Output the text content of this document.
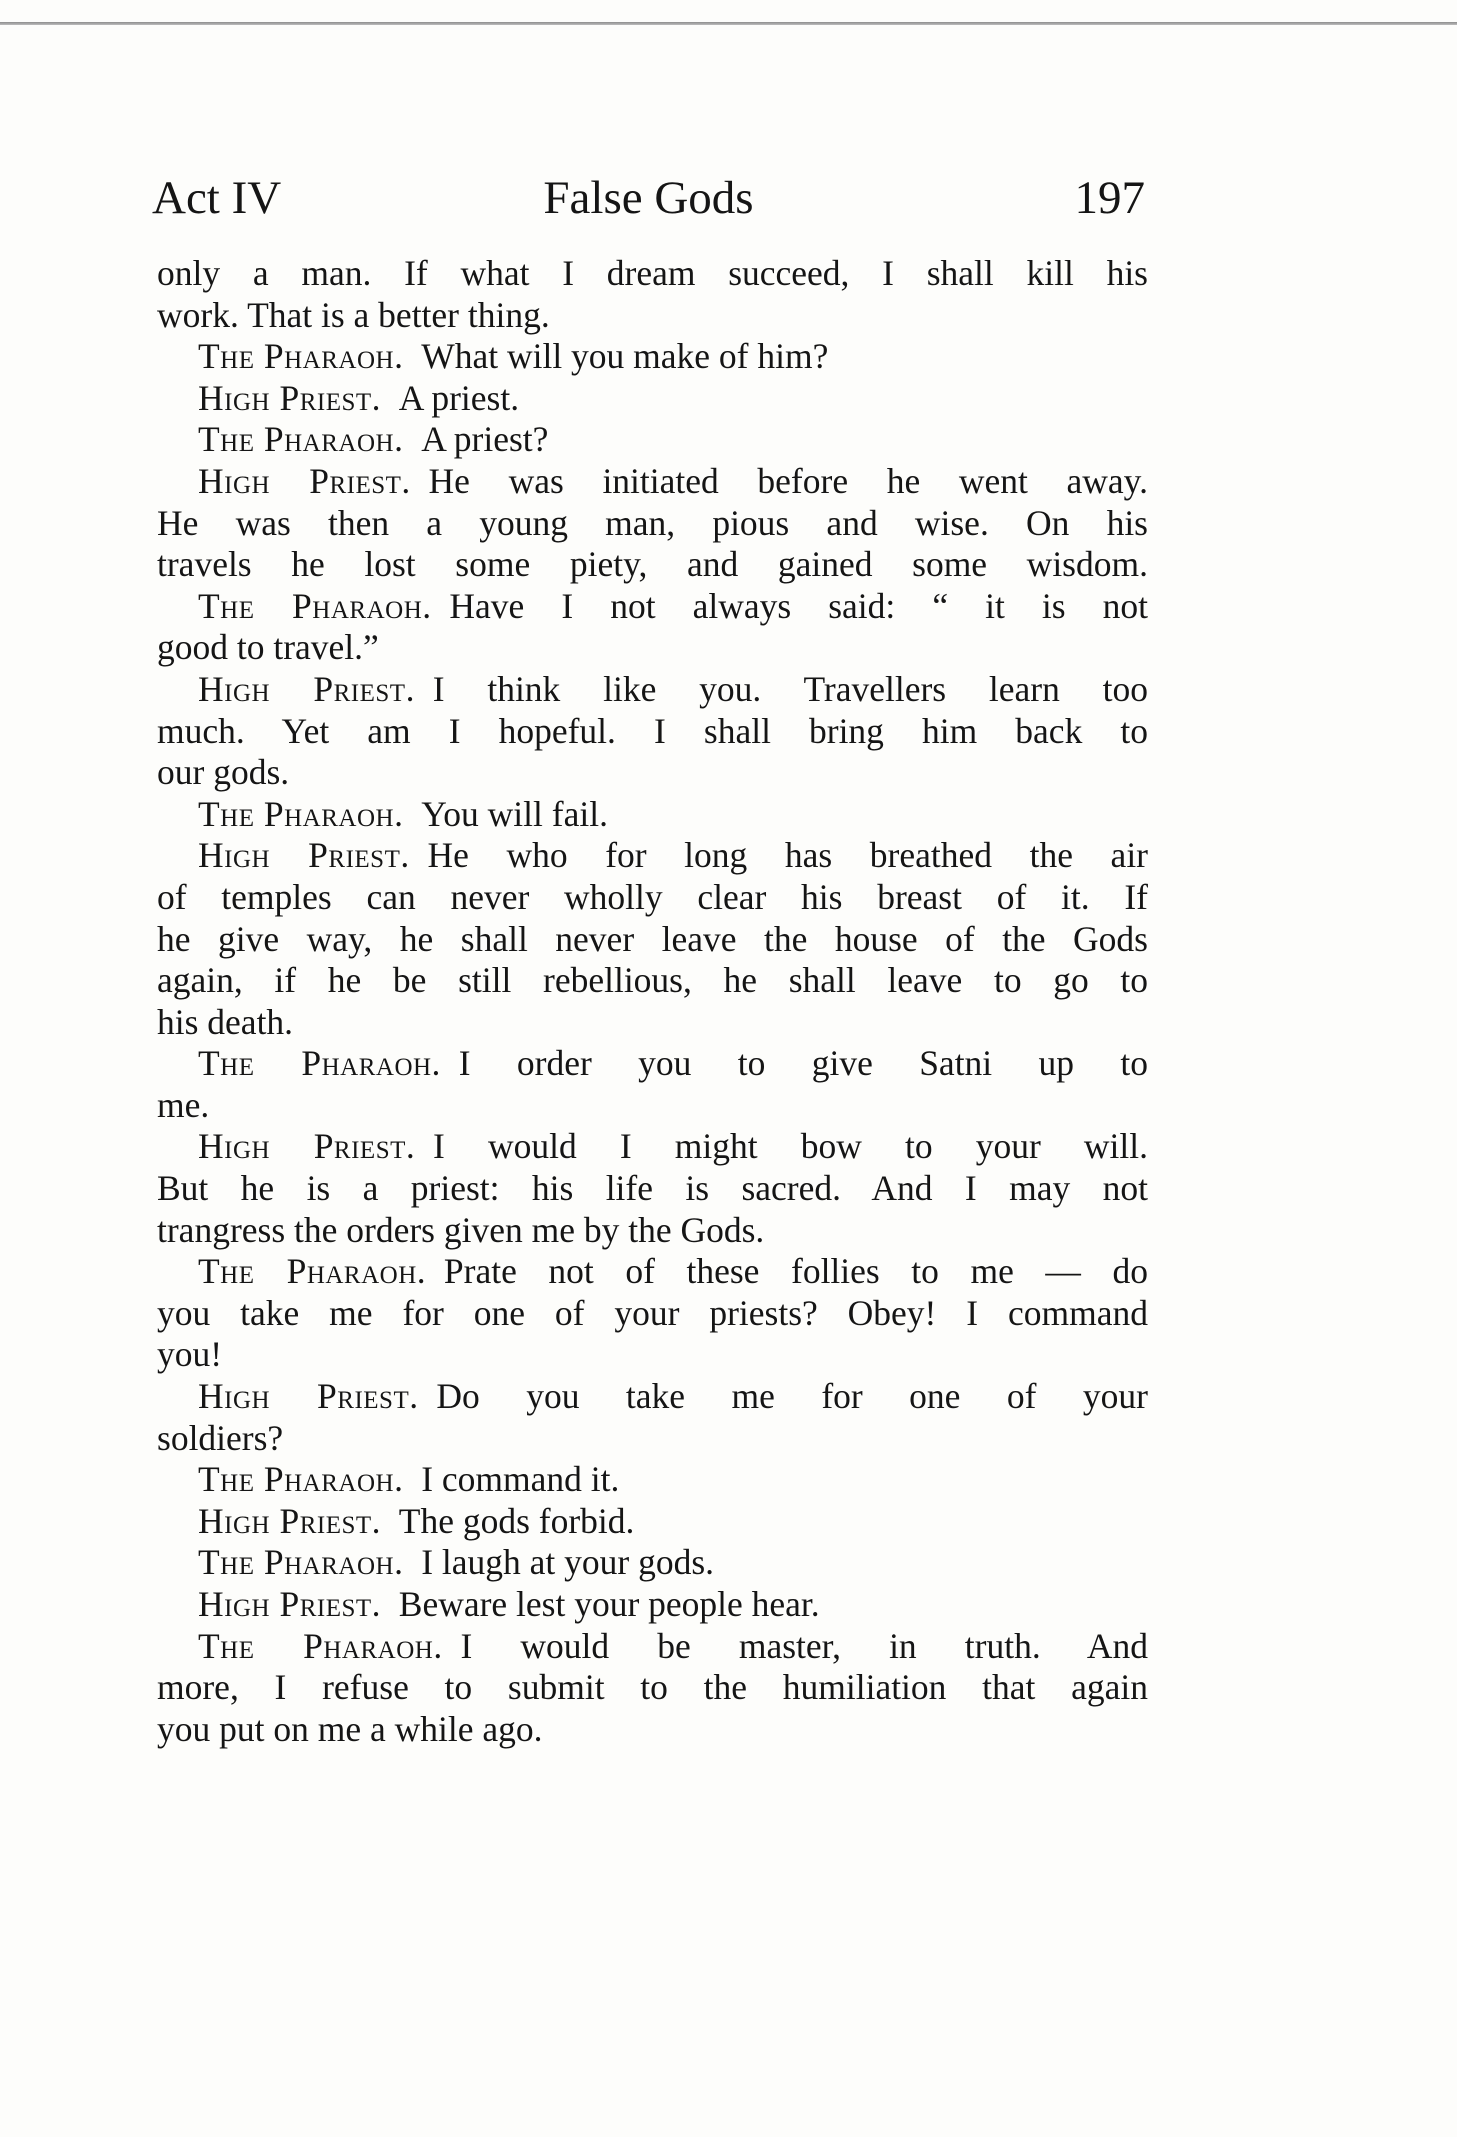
Act IV	False Gods	197
only a man. If what I dream succeed, I shall kill his
work. That is a better thing.
The Pharaoh.  What will you make of him?
High Priest.  A priest.
The Pharaoh.  A priest?
High Priest.  He was initiated before he went away.
He was then a young man, pious and wise. On his
travels he lost some piety, and gained some wisdom.
The Pharaoh.  Have I not always said: “ it is not
good to travel.”
High Priest.  I think like you. Travellers learn too
much. Yet am I hopeful. I shall bring him back to
our gods.
The Pharaoh.  You will fail.
High Priest.  He who for long has breathed the air
of temples can never wholly clear his breast of it. If
he give way, he shall never leave the house of the Gods
again, if he be still rebellious, he shall leave to go to
his death.
The Pharaoh.  I order you to give Satni up to
me.
High Priest.  I would I might bow to your will.
But he is a priest: his life is sacred. And I may not
trangress the orders given me by the Gods.
The Pharaoh.  Prate not of these follies to me — do
you take me for one of your priests? Obey! I command
you!
High Priest.  Do you take me for one of your
soldiers?
The Pharaoh.  I command it.
High Priest.  The gods forbid.
The Pharaoh.  I laugh at your gods.
High Priest.  Beware lest your people hear.
The Pharaoh.  I would be master, in truth. And
more, I refuse to submit to the humiliation that again
you put on me a while ago.
